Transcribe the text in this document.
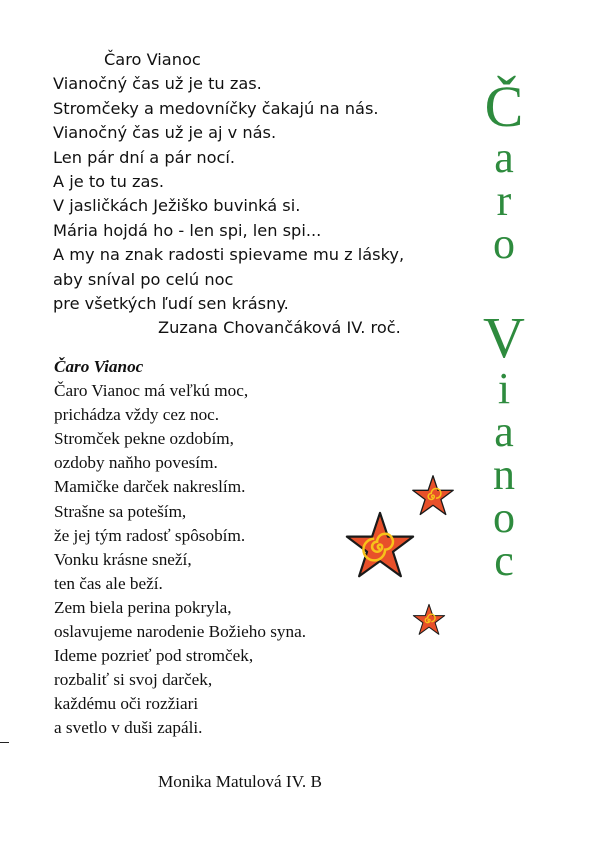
Čaro Vianoc
Vianočný čas už je tu zas.
Stromčeky a medovníčky čakajú na nás.
Vianočný čas už je aj v nás.
Len pár dní a pár nocí.
A je to tu zas.
V jasličkách Ježiško buvinká si.
Mária hojdá ho - len spi, len spi...
A my na znak radosti spievame mu z lásky,
aby sníval po celú noc
pre všetkých ľudí sen krásny.
Zuzana Chovančáková IV. roč.
Čaro Vianoc
Čaro Vianoc má veľkú moc,
prichádza vždy cez noc.
Stromček pekne ozdobím,
ozdoby naňho povesím.
Mamičke darček nakreslím.
Strašne sa poteším,
že jej tým radosť spôsobím.
Vonku krásne sneží,
ten čas ale beží.
Zem biela perina pokryla,
oslavujeme narodenie Božieho syna.
Ideme pozrieť pod stromček,
rozbaliť si svoj darček,
každému oči rozžiari
a svetlo v duši zapáli.
Monika Matulová IV. B
Č
a
r
o
V
i
a
n
o
c
